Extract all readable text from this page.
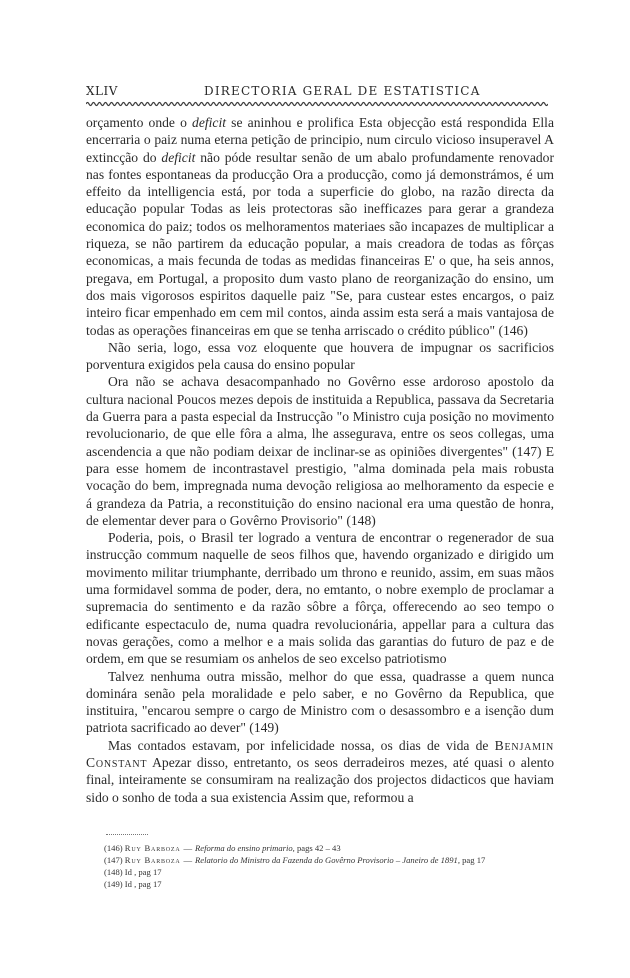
XLIV	DIRECTORIA GERAL DE ESTATISTICA

orçamento onde o deficit se aninhou e prolifica Esta objecção está respondida Ella encerraria o paiz numa eterna petição de principio, num circulo vicioso insuperavel A extincção do deficit não póde resultar senão de um abalo profundamente renovador nas fontes espontaneas da producção Ora a producção, como já demonstrámos, é um effeito da intelligencia está, por toda a superficie do globo, na razão directa da educação popular Todas as leis protectoras são inefficazes para gerar a grandeza economica do paiz; todos os melhoramentos materiaes são incapazes de multiplicar a riqueza, se não partirem da educação popular, a mais creadora de todas as fôrças economicas, a mais fecunda de todas as medidas financeiras E' o que, ha seis annos, pregava, em Portugal, a proposito dum vasto plano de reorganização do ensino, um dos mais vigorosos espiritos daquelle paiz "Se, para custear estes encargos, o paiz inteiro ficar empenhado em cem mil contos, ainda assim esta será a mais vantajosa de todas as operações financeiras em que se tenha arriscado o crédito público" (146)

Não seria, logo, essa voz eloquente que houvera de impugnar os sacrificios porventura exigidos pela causa do ensino popular

Ora não se achava desacompanhado no Govêrno esse ardoroso apostolo da cultura nacional Poucos mezes depois de instituida a Republica, passava da Secretaria da Guerra para a pasta especial da Instrucção "o Ministro cuja posição no movimento revolucionario, de que elle fôra a alma, lhe assegurava, entre os seos collegas, uma ascendencia a que não podiam deixar de inclinar-se as opiniões divergentes" (147) E para esse homem de incontrastavel prestigio, "alma dominada pela mais robusta vocação do bem, impregnada numa devoção religiosa ao melhoramento da especie e á grandeza da Patria, a reconstituição do ensino nacional era uma questão de honra, de elementar dever para o Govêrno Provisorio" (148)

Poderia, pois, o Brasil ter logrado a ventura de encontrar o regenerador de sua instrucção commum naquelle de seos filhos que, havendo organizado e dirigido um movimento militar triumphante, derribado um throno e reunido, assim, em suas mãos uma formidavel somma de poder, dera, no emtanto, o nobre exemplo de proclamar a supremacia do sentimento e da razão sôbre a fôrça, offerecendo ao seo tempo o edificante espectaculo de, numa quadra revolucionária, appellar para a cultura das novas gerações, como a melhor e a mais solida das garantias do futuro de paz e de ordem, em que se resumiam os anhelos de seo excelso patriotismo

Talvez nenhuma outra missão, melhor do que essa, quadrasse a quem nunca dominára senão pela moralidade e pelo saber, e no Govêrno da Republica, que instituira, "encarou sempre o cargo de Ministro com o desassombro e a isenção dum patriota sacrificado ao dever" (149)

Mas contados estavam, por infelicidade nossa, os dias de vida de Benjamin Constant Apezar disso, entretanto, os seos derradeiros mezes, até quasi o alento final, inteiramente se consumiram na realização dos projectos didacticos que haviam sido o sonho de toda a sua existencia Assim que, reformou a

(146) Ruy Barboza — Reforma do ensino primario, pags 42 – 43
(147) Ruy Barboza — Relatorio do Ministro da Fazenda do Govêrno Provisorio – Janeiro de 1891, pag 17
(148) Id , pag 17
(149) Id , pag 17
